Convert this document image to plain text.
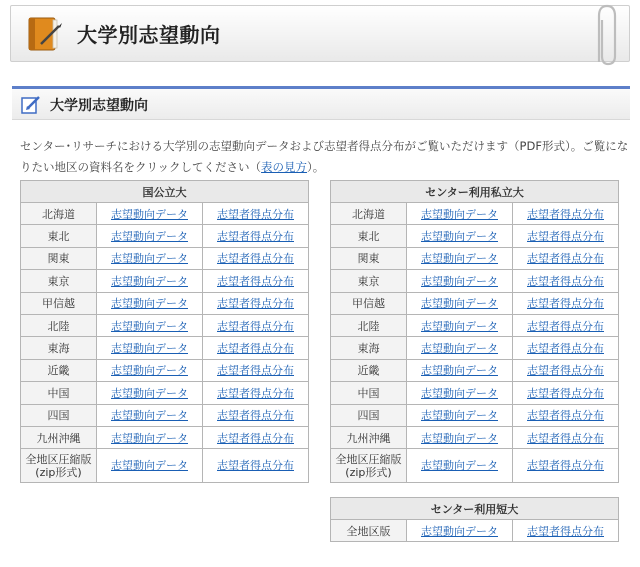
大学別志望動向
大学別志望動向
センター･リサーチにおける大学別の志望動向データおよび志望者得点分布がご覧いただけます（PDF形式）。ご覧になりたい地区の資料名をクリックしてください（表の見方）。
国公立大		
北海道	志望動向データ	志望者得点分布
東北	志望動向データ	志望者得点分布
関東	志望動向データ	志望者得点分布
東京	志望動向データ	志望者得点分布
甲信越	志望動向データ	志望者得点分布
北陸	志望動向データ	志望者得点分布
東海	志望動向データ	志望者得点分布
近畿	志望動向データ	志望者得点分布
中国	志望動向データ	志望者得点分布
四国	志望動向データ	志望者得点分布
九州沖縄	志望動向データ	志望者得点分布
全地区圧縮版
(zip形式)	志望動向データ	志望者得点分布
センター利用私立大		
北海道	志望動向データ	志望者得点分布
東北	志望動向データ	志望者得点分布
関東	志望動向データ	志望者得点分布
東京	志望動向データ	志望者得点分布
甲信越	志望動向データ	志望者得点分布
北陸	志望動向データ	志望者得点分布
東海	志望動向データ	志望者得点分布
近畿	志望動向データ	志望者得点分布
中国	志望動向データ	志望者得点分布
四国	志望動向データ	志望者得点分布
九州沖縄	志望動向データ	志望者得点分布
全地区圧縮版
(zip形式)	志望動向データ	志望者得点分布
センター利用短大
全地区版	志望動向データ	志望者得点分布
